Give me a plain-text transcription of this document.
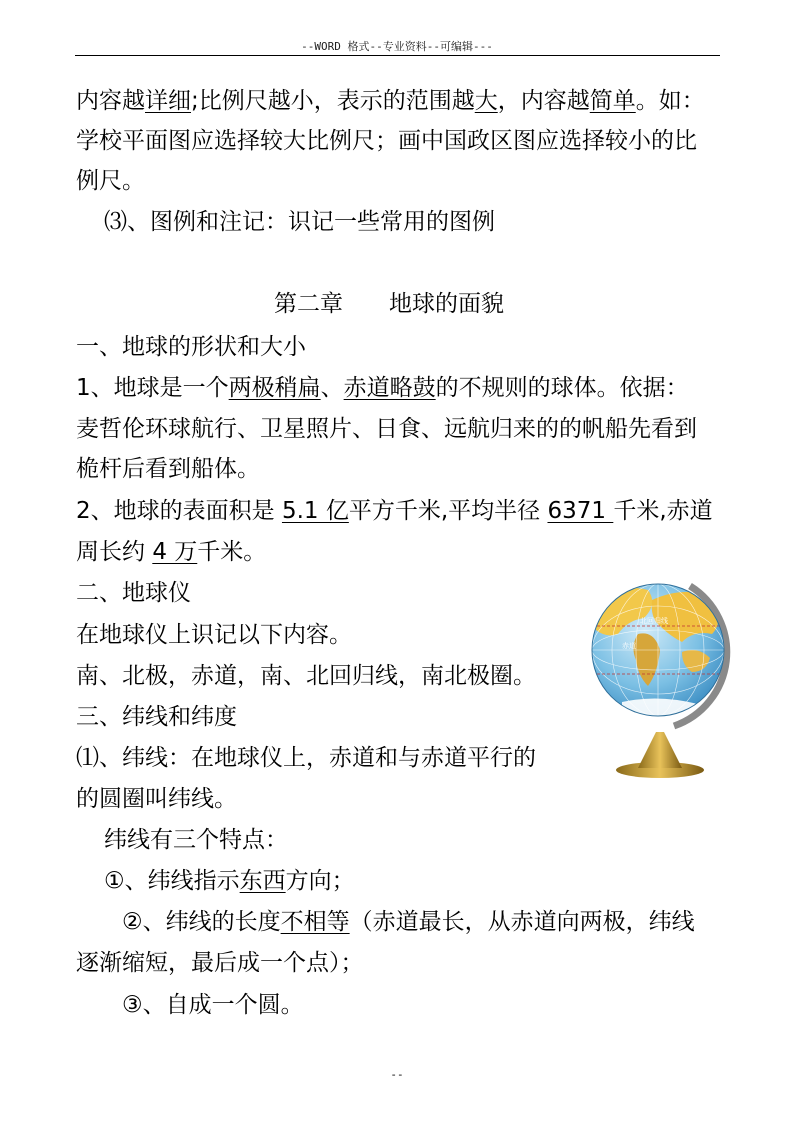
--WORD 格式--专业资料--可编辑---
内容越详细;比例尺越小，表示的范围越大，内容越简单。如：
学校平面图应选择较大比例尺；画中国政区图应选择较小的比
例尺。
⑶、图例和注记：识记一些常用的图例
第二章 地球的面貌
一、地球的形状和大小
1、地球是一个两极稍扁、赤道略鼓的不规则的球体。依据：
麦哲伦环球航行、卫星照片、日食、远航归来的的帆船先看到
桅杆后看到船体。
2、地球的表面积是 5.1 亿平方千米,平均半径 6371 千米,赤道
周长约 4 万千米。
二、地球仪
在地球仪上识记以下内容。
南、北极，赤道，南、北回归线，南北极圈。
三、纬线和纬度
⑴、纬线：在地球仪上，赤道和与赤道平行的
的圆圈叫纬线。
纬线有三个特点：
①、纬线指示东西方向；
②、纬线的长度不相等（赤道最长，从赤道向两极，纬线
逐渐缩短，最后成一个点）；
③、自成一个圆。
北回归线
赤道
--
